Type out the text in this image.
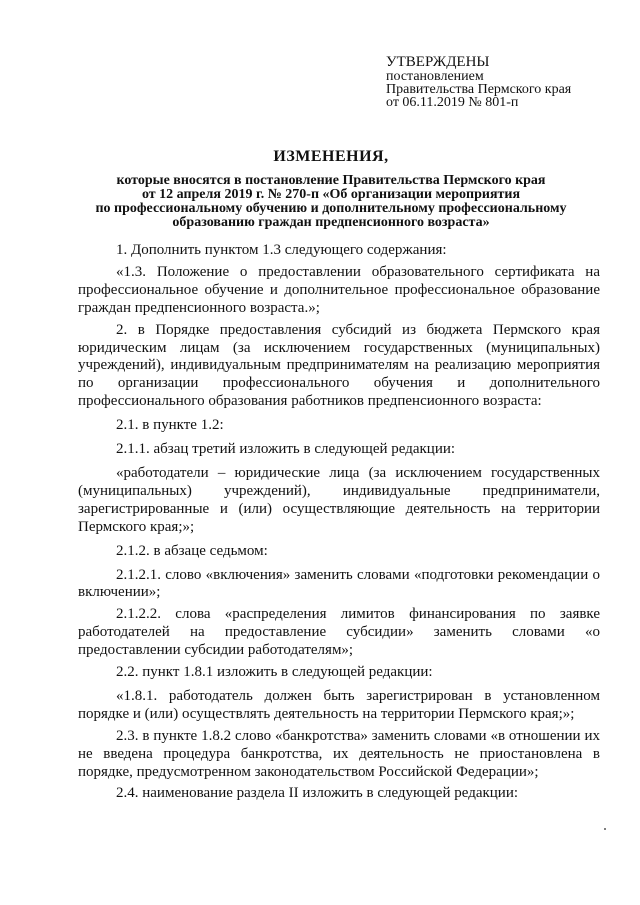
УТВЕРЖДЕНЫ
постановлением
Правительства Пермского края
от 06.11.2019 № 801-п
ИЗМЕНЕНИЯ,
которые вносятся в постановление Правительства Пермского края
от 12 апреля 2019 г. № 270-п «Об организации мероприятия
по профессиональному обучению и дополнительному профессиональному
образованию граждан предпенсионного возраста»

1. Дополнить пунктом 1.3 следующего содержания:

«1.3. Положение о предоставлении образовательного сертификата на профессиональное обучение и дополнительное профессиональное образование граждан предпенсионного возраста.»;

2. в Порядке предоставления субсидий из бюджета Пермского края юридическим лицам (за исключением государственных (муниципальных) учреждений), индивидуальным предпринимателям на реализацию мероприятия по организации профессионального обучения и дополнительного профессионального образования работников предпенсионного возраста:

2.1. в пункте 1.2:

2.1.1. абзац третий изложить в следующей редакции:

«работодатели – юридические лица (за исключением государственных (муниципальных) учреждений), индивидуальные предприниматели, зарегистрированные и (или) осуществляющие деятельность на территории Пермского края;»;

2.1.2. в абзаце седьмом:

2.1.2.1. слово «включения» заменить словами «подготовки рекомендации о включении»;

2.1.2.2. слова «распределения лимитов финансирования по заявке работодателей на предоставление субсидии» заменить словами «о предоставлении субсидии работодателям»;

2.2. пункт 1.8.1 изложить в следующей редакции:

«1.8.1. работодатель должен быть зарегистрирован в установленном порядке и (или) осуществлять деятельность на территории Пермского края;»;

2.3. в пункте 1.8.2 слово «банкротства» заменить словами «в отношении их не введена процедура банкротства, их деятельность не приостановлена в порядке, предусмотренном законодательством Российской Федерации»;

2.4. наименование раздела II изложить в следующей редакции:
